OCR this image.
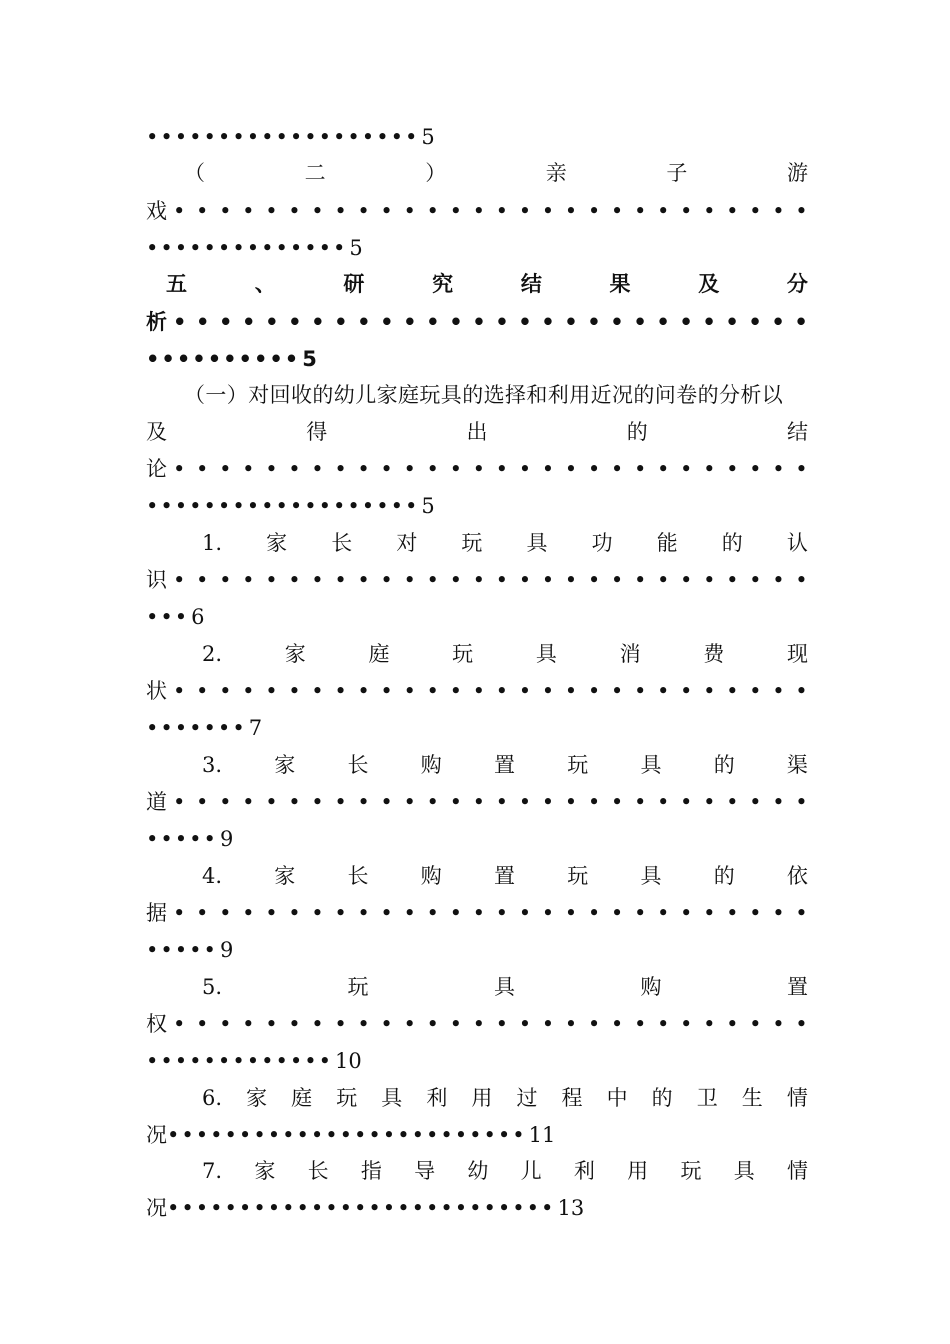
••••••••••••••••••• 5
（	二	）	亲	子	游
戏 • • • • • • • • • • • • • • • • • • • • • • • • • • • •
•••••••••••••• 5
五	、	研	究	结	果	及	分
析 • • • • • • • • • • • • • • • • • • • • • • • • • • • •
•••••••••• 5
（一）对回收的幼儿家庭玩具的选择和利用近况的问卷的分析以
及	得	出	的	结
论 • • • • • • • • • • • • • • • • • • • • • • • • • • • •
••••••••••••••••••• 5
1. 家 长 对 玩 具 功 能 的 认
识 • • • • • • • • • • • • • • • • • • • • • • • • • • • •
••• 6
2.	家	庭	玩	具	消	费	现
状 • • • • • • • • • • • • • • • • • • • • • • • • • • • •
••••••• 7
3. 家 长 购 置 玩 具 的 渠
道 • • • • • • • • • • • • • • • • • • • • • • • • • • • •
••••• 9
4. 家 长 购 置 玩 具 的 依
据 • • • • • • • • • • • • • • • • • • • • • • • • • • • •
••••• 9
5.	玩	具	购	置
权 • • • • • • • • • • • • • • • • • • • • • • • • • • • •
••••••••••••• 10
6. 家 庭 玩 具 利 用 过 程 中 的 卫 生 情
况 ••••••••••••••••••••••••• 11
7. 家 长 指 导 幼 儿 利 用 玩 具 情
况 ••••••••••••••••••••••••••• 13
